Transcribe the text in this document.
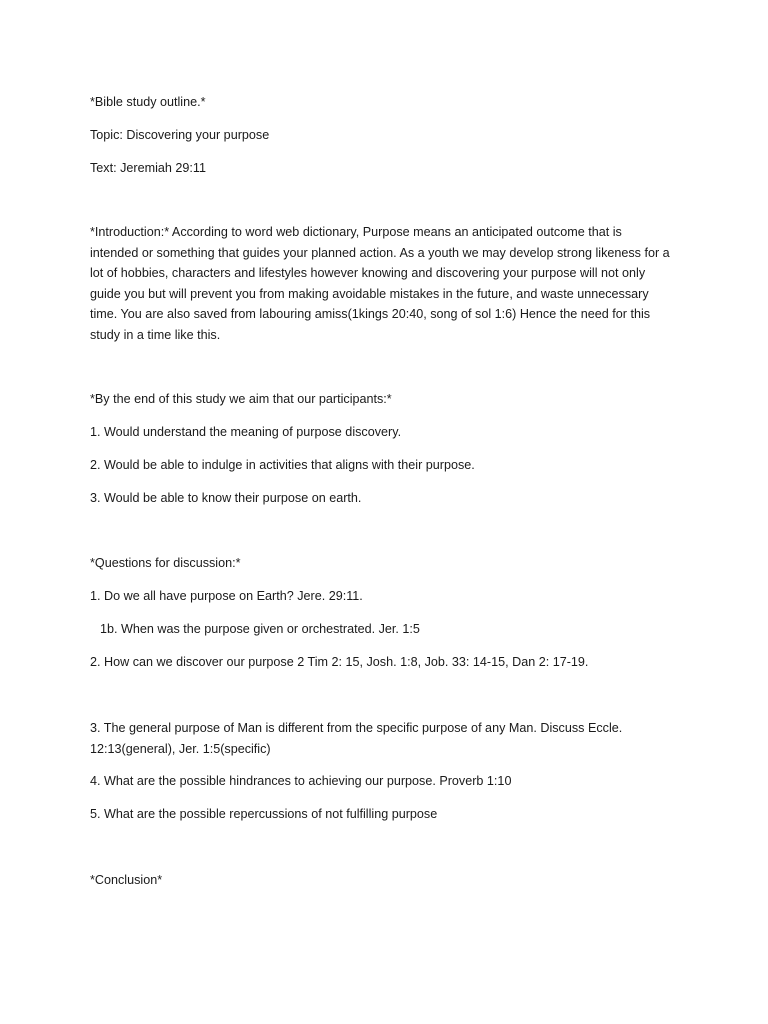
*Bible study outline.*
Topic: Discovering your purpose
Text: Jeremiah 29:11
*Introduction:* According to word web dictionary, Purpose means an anticipated outcome that is
intended or something that guides your planned action. As a youth we may develop strong likeness for a
lot of hobbies, characters and lifestyles however knowing and discovering your purpose will not only
guide you but will prevent you from making avoidable mistakes in the future, and waste unnecessary
time. You are also saved from labouring amiss(1kings 20:40, song of sol 1:6) Hence the need for this
study in a time like this.
*By the end of this study we aim that our participants:*
1. Would understand the meaning of purpose discovery.
2. Would be able to indulge in activities that aligns with their purpose.
3. Would be able to know their purpose on earth.
*Questions for discussion:*
1. Do we all have purpose on Earth? Jere. 29:11.
1b. When was the purpose given or orchestrated. Jer. 1:5
2. How can we discover our purpose 2 Tim 2: 15, Josh. 1:8, Job. 33: 14-15, Dan 2: 17-19.
3. The general purpose of Man is different from the specific purpose of any Man. Discuss Eccle.
12:13(general), Jer. 1:5(specific)
4. What are the possible hindrances to achieving our purpose. Proverb 1:10
5. What are the possible repercussions of not fulfilling purpose
*Conclusion*
